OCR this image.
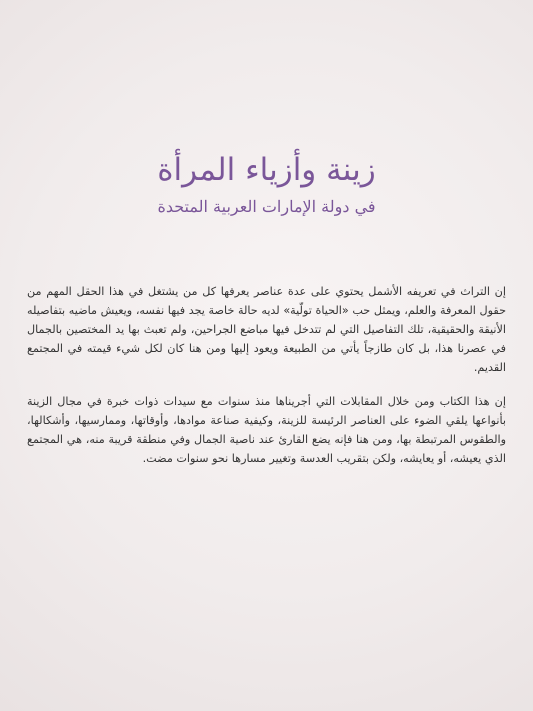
زينة وأزياء المرأة
في دولة الإمارات العربية المتحدة

إن التراث في تعريفه الأشمل يحتوي على عدة عناصر يعرفها كل من يشتغل في هذا الحقل المهم من حقول المعرفة والعلم، ويمثل حب «الحياة تولّية» لديه حالة خاصة يجد فيها نفسه، ويعيش ماضيه بتفاصيله الأنيقة والحقيقية، تلك التفاصيل التي لم تتدخل فيها مباضع الجراحين، ولم تعبث بها يد المختصين بالجمال في عصرنا هذا، بل كان طازجاً يأتي من الطبيعة ويعود إليها ومن هنا كان لكل شيء قيمته في المجتمع القديم.

إن هذا الكتاب ومن خلال المقابلات التي أجريناها منذ سنوات مع سيدات ذوات خبرة في مجال الزينة بأنواعها يلقي الضوء على العناصر الرئيسة للزينة، وكيفية صناعة موادها، وأوقاتها، وممارسيها، وأشكالها، والطقوس المرتبطة بها، ومن هنا فإنه يضع القارئ عند ناصية الجمال وفي منطقة قريبة منه، هي المجتمع الذي يعيشه، أو يعايشه، ولكن بتقريب العدسة وتغيير مسارها نحو سنوات مضت.
